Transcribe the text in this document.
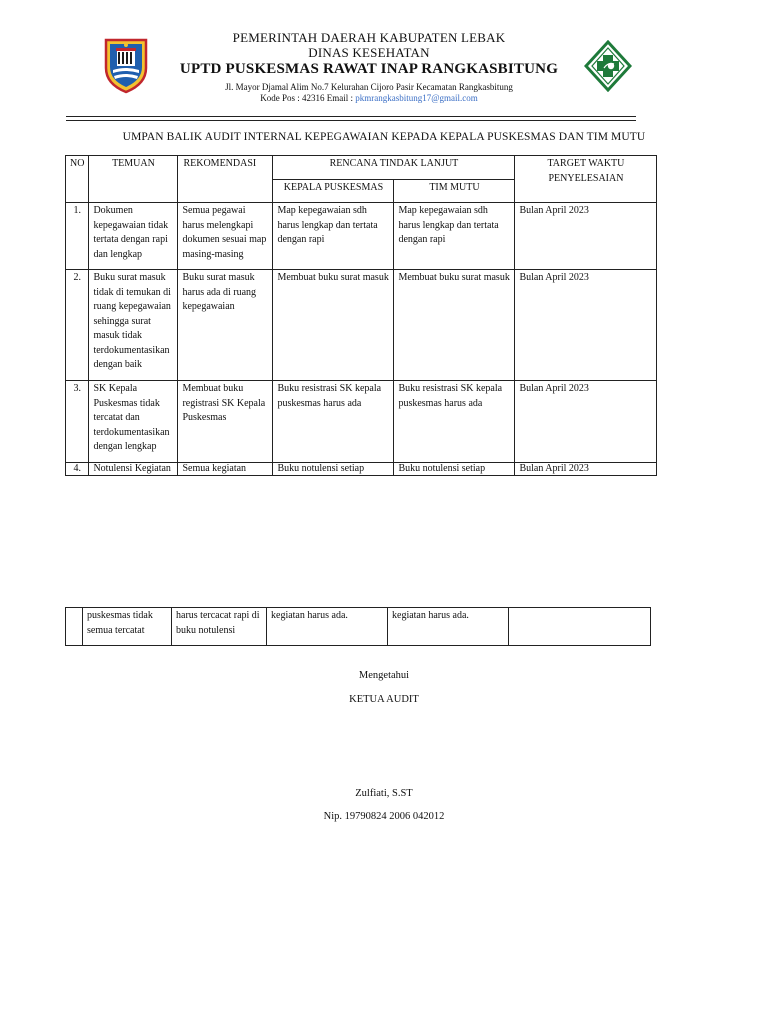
PEMERINTAH DAERAH KABUPATEN LEBAK
DINAS KESEHATAN
UPTD PUSKESMAS RAWAT INAP RANGKASBITUNG
Jl. Mayor Djamal Alim No.7 Kelurahan Cijoro Pasir Kecamatan Rangkasbitung
Kode Pos : 42316 Email : pkmrangkasbitung17@gmail.com
UMPAN BALIK AUDIT INTERNAL KEPEGAWAIAN KEPADA KEPALA PUSKESMAS DAN TIM MUTU
NO	TEMUAN	REKOMENDASI	RENCANA TINDAK LANJUT		TARGET WAKTU PENYELESAIAN
			KEPALA PUSKESMAS	TIM MUTU	
1.	Dokumen kepegawaian tidak tertata dengan rapi dan lengkap	Semua pegawai harus melengkapi dokumen sesuai map masing-masing	Map kepegawaian sdh harus lengkap dan tertata dengan rapi	Map kepegawaian sdh harus lengkap dan tertata dengan rapi	Bulan April 2023
2.	Buku surat masuk tidak di temukan di ruang kepegawaian sehingga surat masuk tidak terdokumentasikan dengan baik	Buku surat masuk harus ada di ruang kepegawaian	Membuat buku surat masuk	Membuat buku surat masuk	Bulan April 2023
3.	SK Kepala Puskesmas tidak tercatat dan terdokumentasikan dengan lengkap	Membuat buku registrasi SK Kepala Puskesmas	Buku resistrasi SK kepala puskesmas harus ada	Buku resistrasi SK kepala puskesmas harus ada	Bulan April 2023
4.	Notulensi Kegiatan	Semua kegiatan	Buku notulensi setiap	Buku notulensi setiap	Bulan April 2023
	puskesmas tidak semua tercatat	harus tercacat rapi di buku notulensi	kegiatan harus ada.	kegiatan harus ada.	
Mengetahui
KETUA AUDIT
Zulfiati, S.ST
Nip. 19790824 2006 042012
